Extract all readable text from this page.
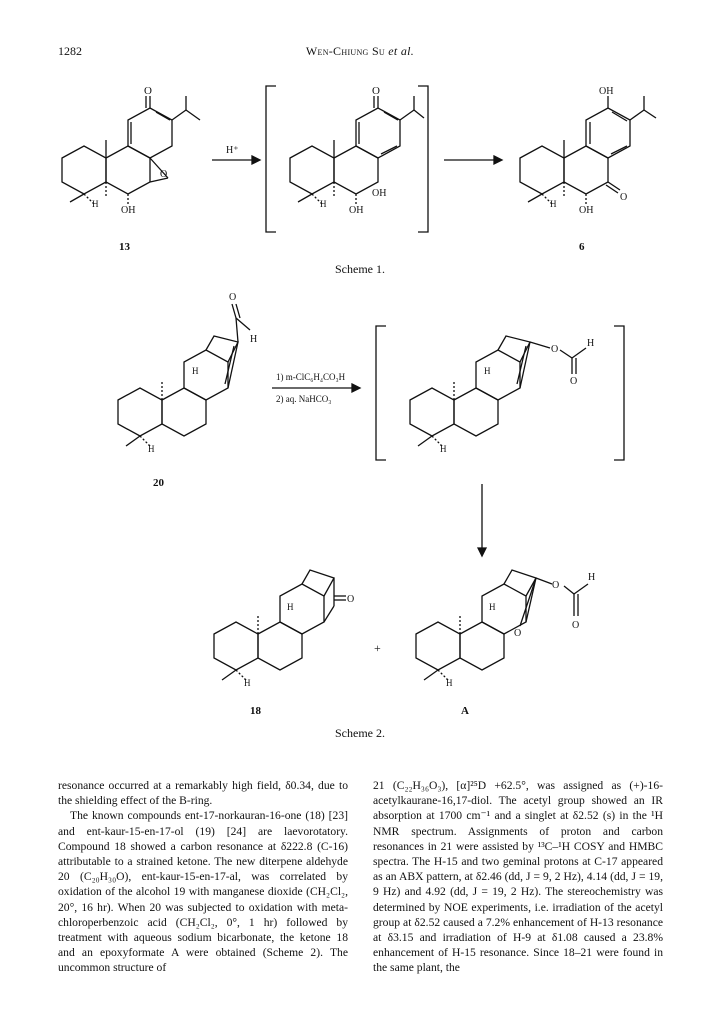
1282	Wen-Chiung Su et al.
O
O
H
OH
H⁺
13
O
OH
H
OH
OH
O
H
OH
6
Scheme 1.
O
H
H
H
20
1) m-ClC₆H₄CO₃H
2) aq. NaHCO₃
H
O
H
O
H
O
H
H
18
+
H
O
H
O
O
H
A
Scheme 2.

resonance occurred at a remarkably high field, δ0.34, due to the shielding effect of the B-ring.

The known compounds ent-17-norkauran-16-one (18) [23] and ent-kaur-15-en-17-ol (19) [24] are laevorotatory. Compound 18 showed a carbon resonance at δ222.8 (C-16) attributable to a strained ketone. The new diterpene aldehyde 20 (C₂₀H₃₀O), ent-kaur-15-en-17-al, was correlated by oxidation of the alcohol 19 with manganese dioxide (CH₂Cl₂, 20°, 16 hr). When 20 was subjected to oxidation with meta-chloroperbenzoic acid (CH₂Cl₂, 0°, 1 hr) followed by treatment with aqueous sodium bicarbonate, the ketone 18 and an epoxyformate A were obtained (Scheme 2). The uncommon structure of

21 (C₂₂H₃₆O₃), [α]²⁵D +62.5°, was assigned as (+)-16-acetylkaurane-16,17-diol. The acetyl group showed an IR absorption at 1700 cm⁻¹ and a singlet at δ2.52 (s) in the ¹H NMR spectrum. Assignments of proton and carbon resonances in 21 were assisted by ¹³C–¹H COSY and HMBC spectra. The H-15 and two geminal protons at C-17 appeared as an ABX pattern, at δ2.46 (dd, J = 9, 2 Hz), 4.14 (dd, J = 19, 9 Hz) and 4.92 (dd, J = 19, 2 Hz). The stereochemistry was determined by NOE experiments, i.e. irradiation of the acetyl group at δ2.52 caused a 7.2% enhancement of H-13 resonance at δ3.15 and irradiation of H-9 at δ1.08 caused a 23.8% enhancement of H-15 resonance. Since 18–21 were found in the same plant, the
